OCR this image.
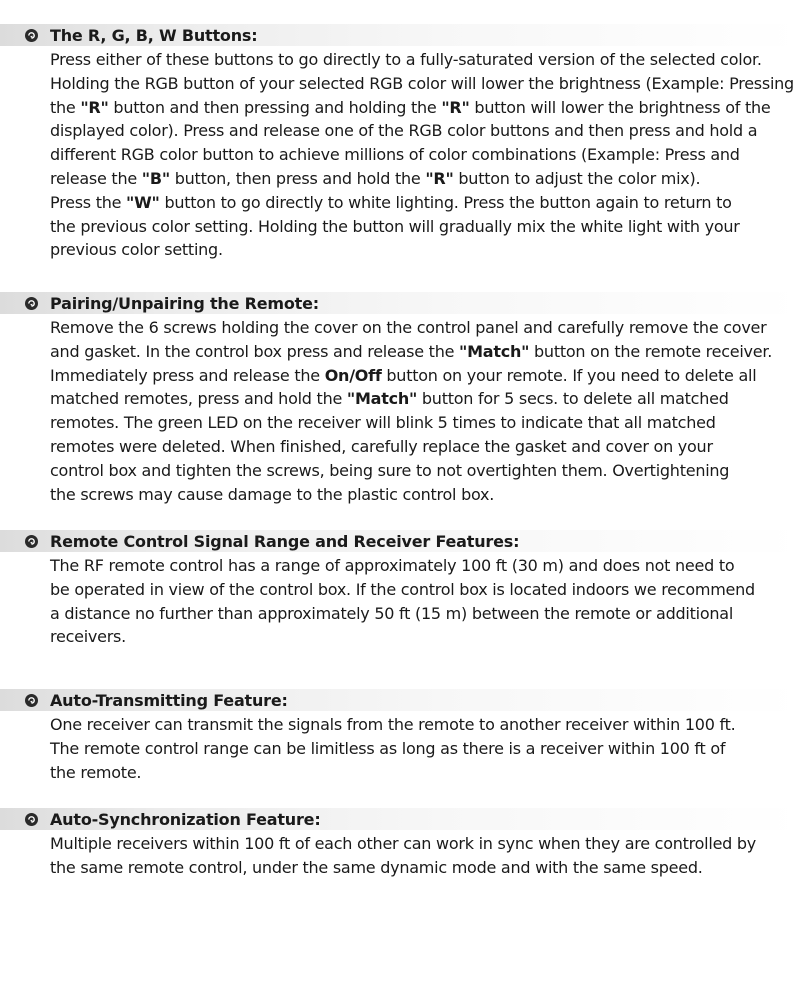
The R, G, B, W Buttons:
Press either of these buttons to go directly to a fully-saturated version of the selected color.
Holding the RGB button of your selected RGB color will lower the brightness (Example: Pressing
the "R" button and then pressing and holding the "R" button will lower the brightness of the
displayed color). Press and release one of the RGB color buttons and then press and hold a
different RGB color button to achieve millions of color combinations (Example: Press and
release the "B" button, then press and hold the "R" button to adjust the color mix).
Press the "W" button to go directly to white lighting. Press the button again to return to
the previous color setting. Holding the button will gradually mix the white light with your
previous color setting.
Pairing/Unpairing the Remote:
Remove the 6 screws holding the cover on the control panel and carefully remove the cover
and gasket. In the control box press and release the "Match" button on the remote receiver.
Immediately press and release the On/Off button on your remote. If you need to delete all
matched remotes, press and hold the "Match" button for 5 secs. to delete all matched
remotes. The green LED on the receiver will blink 5 times to indicate that all matched
remotes were deleted. When finished, carefully replace the gasket and cover on your
control box and tighten the screws, being sure to not overtighten them. Overtightening
the screws may cause damage to the plastic control box.
Remote Control Signal Range and Receiver Features:
The RF remote control has a range of approximately 100 ft (30 m) and does not need to
be operated in view of the control box. If the control box is located indoors we recommend
a distance no further than approximately 50 ft (15 m) between the remote or additional
receivers.
Auto-Transmitting Feature:
One receiver can transmit the signals from the remote to another receiver within 100 ft.
The remote control range can be limitless as long as there is a receiver within 100 ft of
the remote.
Auto-Synchronization Feature:
Multiple receivers within 100 ft of each other can work in sync when they are controlled by
the same remote control, under the same dynamic mode and with the same speed.
